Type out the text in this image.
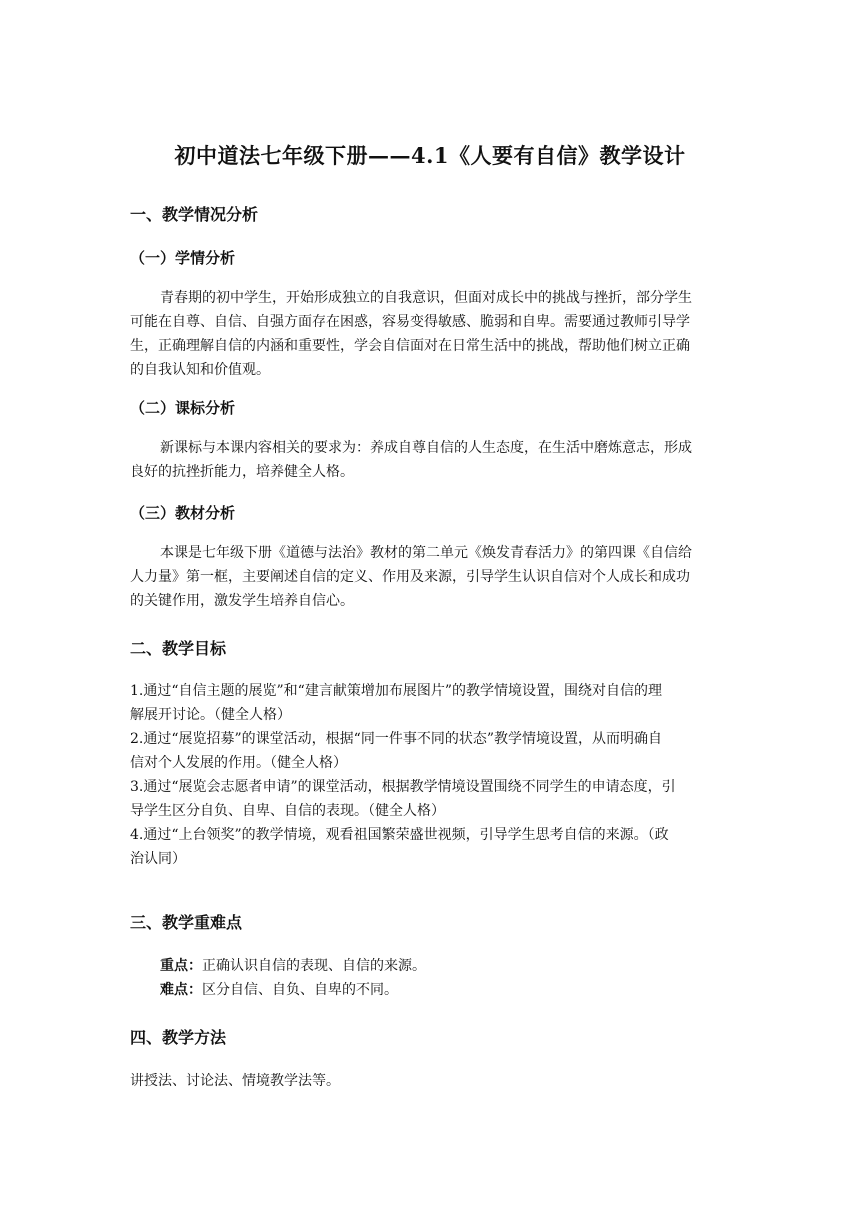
初中道法七年级下册——4.1《人要有自信》教学设计
一、教学情况分析
（一）学情分析
青春期的初中学生，开始形成独立的自我意识，但面对成长中的挑战与挫折，部分学生
可能在自尊、自信、自强方面存在困惑，容易变得敏感、脆弱和自卑。需要通过教师引导学
生，正确理解自信的内涵和重要性，学会自信面对在日常生活中的挑战，帮助他们树立正确
的自我认知和价值观。
（二）课标分析
新课标与本课内容相关的要求为：养成自尊自信的人生态度，在生活中磨炼意志，形成
良好的抗挫折能力，培养健全人格。
（三）教材分析
本课是七年级下册《道德与法治》教材的第二单元《焕发青春活力》的第四课《自信给
人力量》第一框，主要阐述自信的定义、作用及来源，引导学生认识自信对个人成长和成功
的关键作用，激发学生培养自信心。
二、教学目标
1.通过“自信主题的展览”和“建言献策增加布展图片”的教学情境设置，围绕对自信的理
解展开讨论。（健全人格）
2.通过“展览招募”的课堂活动，根据“同一件事不同的状态”教学情境设置，从而明确自
信对个人发展的作用。（健全人格）
3.通过“展览会志愿者申请”的课堂活动，根据教学情境设置围绕不同学生的申请态度，引
导学生区分自负、自卑、自信的表现。（健全人格）
4.通过“上台领奖”的教学情境，观看祖国繁荣盛世视频，引导学生思考自信的来源。（政
治认同）
三、教学重难点
重点：正确认识自信的表现、自信的来源。
难点：区分自信、自负、自卑的不同。
四、教学方法
讲授法、讨论法、情境教学法等。
